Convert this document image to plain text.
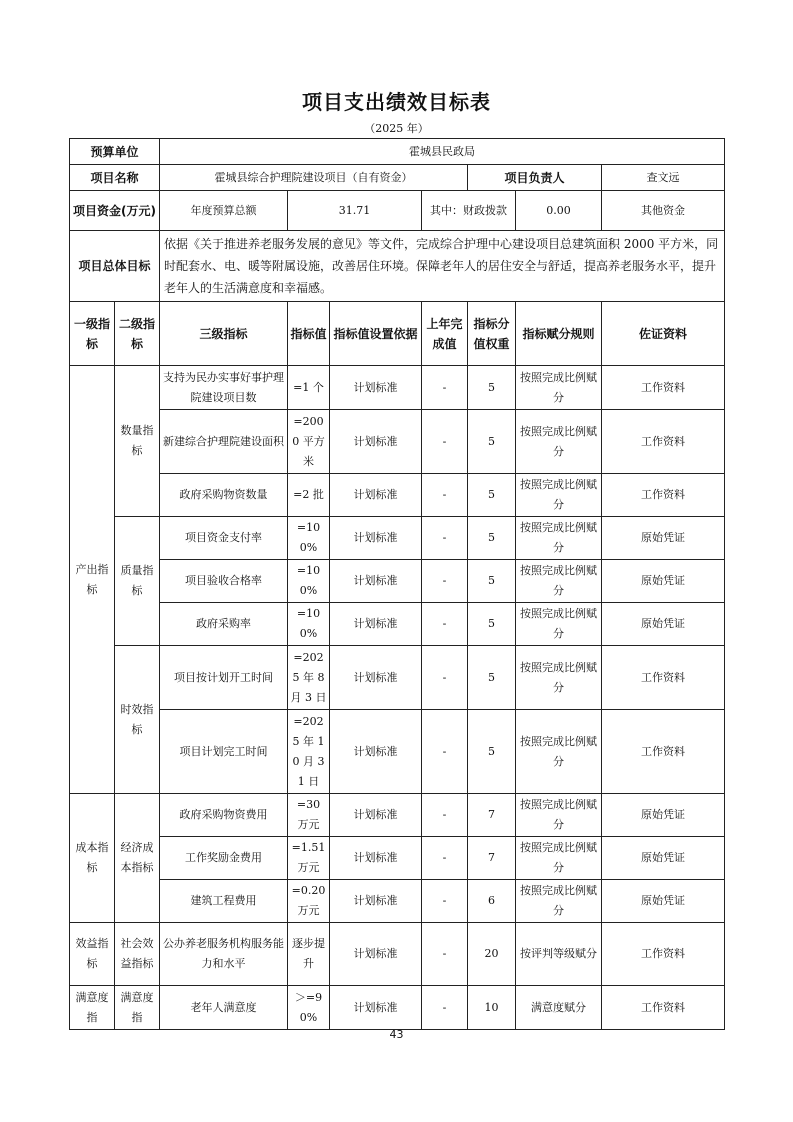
项目支出绩效目标表
（2025 年）
预算单位		霍城县民政局						
项目名称		霍城县综合护理院建设项目（自有资金）				项目负责人		查文远
项目资金(万元)		年度预算总额	31.71		其中：财政拨款		0.00	其他资金
项目总体目标		依据《关于推进养老服务发展的意见》等文件，完成综合护理中心建设项目总建筑面积 2000 平方米，同时配套水、电、暖等附属设施，改善居住环境。保障老年人的居住安全与舒适，提高养老服务水平，提升老年人的生活满意度和幸福感。						
一级指标	二级指标	三级指标	指标值	指标值设置依据	上年完成值	指标分值权重	指标赋分规则	佐证资料
产出指标	数量指标	支持为民办实事好事护理院建设项目数	=1 个	计划标准	-	5	按照完成比例赋分	工作资料
		新建综合护理院建设面积	=2000 平方米	计划标准	-	5	按照完成比例赋分	工作资料
		政府采购物资数量	=2 批	计划标准	-	5	按照完成比例赋分	工作资料
	质量指标	项目资金支付率	=100%	计划标准	-	5	按照完成比例赋分	原始凭证
		项目验收合格率	=100%	计划标准	-	5	按照完成比例赋分	原始凭证
		政府采购率	=100%	计划标准	-	5	按照完成比例赋分	原始凭证
	时效指标	项目按计划开工时间	=2025 年 8 月 3 日	计划标准	-	5	按照完成比例赋分	工作资料
		项目计划完工时间	=2025 年 10 月 31 日	计划标准	-	5	按照完成比例赋分	工作资料
成本指标	经济成本指标	政府采购物资费用	=30 万元	计划标准	-	7	按照完成比例赋分	原始凭证
		工作奖励金费用	=1.51 万元	计划标准	-	7	按照完成比例赋分	原始凭证
		建筑工程费用	=0.20 万元	计划标准	-	6	按照完成比例赋分	原始凭证
效益指标	社会效益指标	公办养老服务机构服务能力和水平	逐步提升	计划标准	-	20	按评判等级赋分	工作资料
满意度指	满意度指	老年人满意度	＞=90%	计划标准	-	10	满意度赋分	工作资料
43
